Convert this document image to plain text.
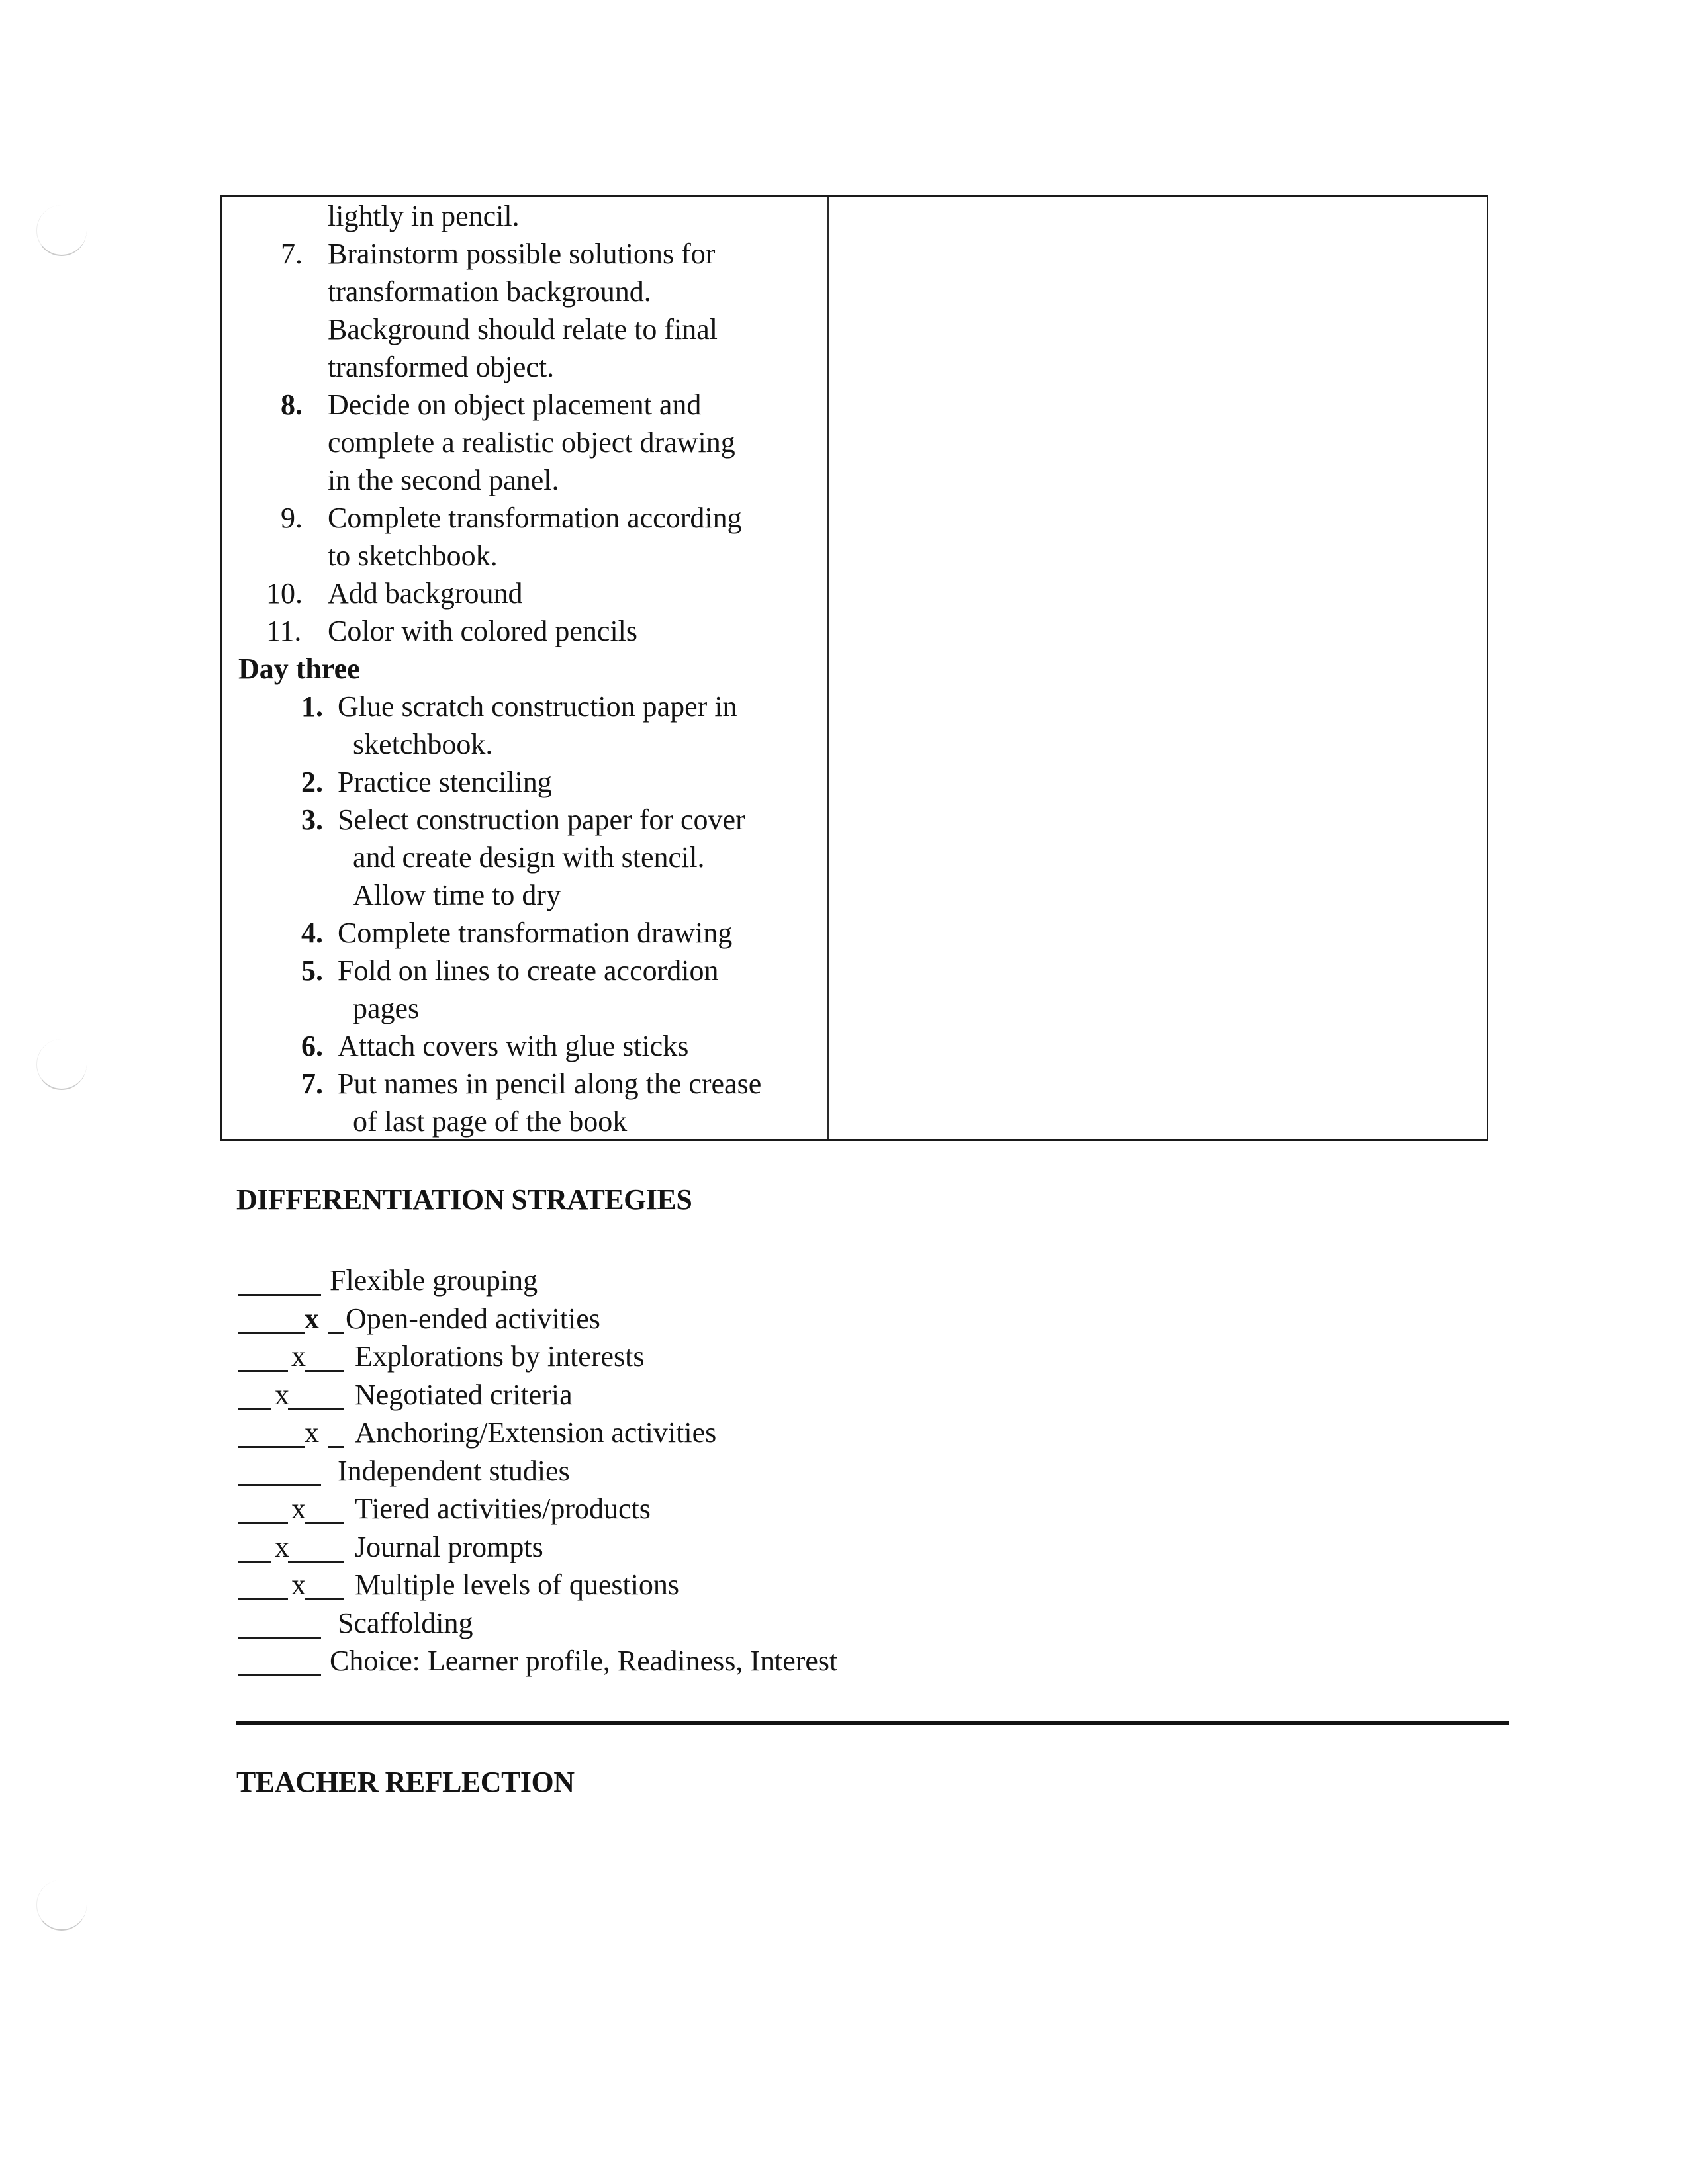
lightly in pencil.
7. Brainstorm possible solutions for
transformation background.
Background should relate to final
transformed object.
8. Decide on object placement and
complete a realistic object drawing
in the second panel.
9. Complete transformation according
to sketchbook.
10. Add background
11. Color with colored pencils
Day three
1. Glue scratch construction paper in
sketchbook.
2. Practice stenciling
3. Select construction paper for cover
and create design with stencil.
Allow time to dry
4. Complete transformation drawing
5. Fold on lines to create accordion
pages
6. Attach covers with glue sticks
7. Put names in pencil along the crease
of last page of the book
DIFFERENTIATION STRATEGIES
Flexible grouping
x Open-ended activities
x Explorations by interests
x Negotiated criteria
x Anchoring/Extension activities
Independent studies
x Tiered activities/products
x Journal prompts
x Multiple levels of questions
Scaffolding
Choice: Learner profile, Readiness, Interest
TEACHER REFLECTION
